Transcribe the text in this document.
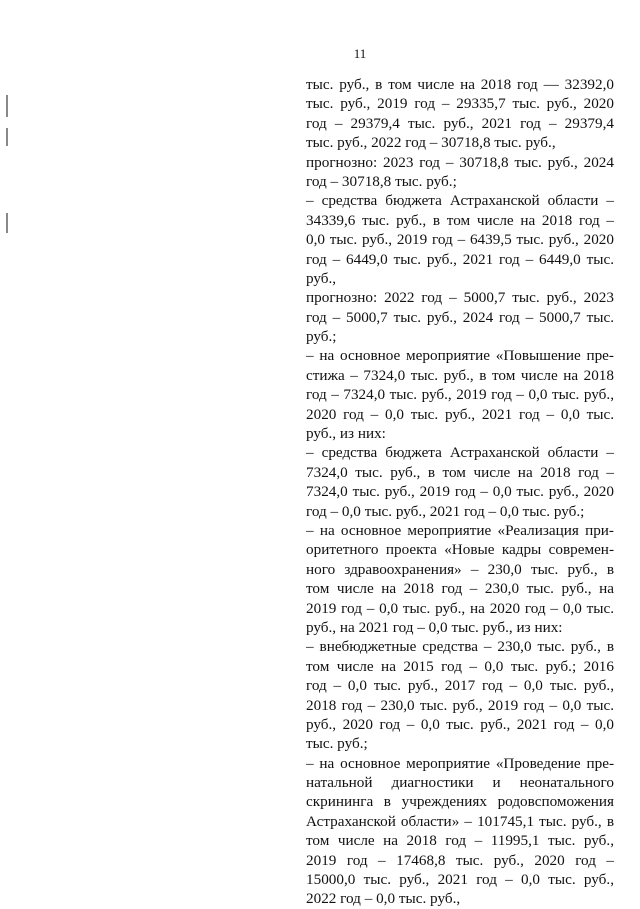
11
тыс. руб., в том числе на 2018 год — 32392,0
тыс. руб., 2019 год – 29335,7 тыс. руб., 2020
год – 29379,4 тыс. руб., 2021 год – 29379,4
тыс. руб., 2022 год – 30718,8 тыс. руб.,
прогнозно: 2023 год – 30718,8 тыс. руб., 2024
год – 30718,8 тыс. руб.;
– средства бюджета Астраханской области –
34339,6 тыс. руб., в том числе на 2018 год –
0,0 тыс. руб., 2019 год – 6439,5 тыс. руб., 2020
год – 6449,0 тыс. руб., 2021 год – 6449,0 тыс.
руб.,
прогнозно: 2022 год – 5000,7 тыс. руб., 2023
год – 5000,7 тыс. руб., 2024 год – 5000,7 тыс.
руб.;
– на основное мероприятие «Повышение пре-
стижа – 7324,0 тыс. руб., в том числе на 2018
год – 7324,0 тыс. руб., 2019 год – 0,0 тыс. руб.,
2020 год – 0,0 тыс. руб., 2021 год – 0,0 тыс.
руб., из них:
– средства бюджета Астраханской области –
7324,0 тыс. руб., в том числе на 2018 год –
7324,0 тыс. руб., 2019 год – 0,0 тыс. руб., 2020
год – 0,0 тыс. руб., 2021 год – 0,0 тыс. руб.;
– на основное мероприятие «Реализация при-
оритетного проекта «Новые кадры современ-
ного здравоохранения» – 230,0 тыс. руб., в
том числе на 2018 год – 230,0 тыс. руб., на
2019 год – 0,0 тыс. руб., на 2020 год – 0,0 тыс.
руб., на 2021 год – 0,0 тыс. руб., из них:
– внебюджетные средства – 230,0 тыс. руб., в
том числе на 2015 год – 0,0 тыс. руб.; 2016
год – 0,0 тыс. руб., 2017 год – 0,0 тыс. руб.,
2018 год – 230,0 тыс. руб., 2019 год – 0,0 тыс.
руб., 2020 год – 0,0 тыс. руб., 2021 год – 0,0
тыс. руб.;
– на основное мероприятие «Проведение пре-
натальной диагностики и неонатального
скрининга в учреждениях родовспоможения
Астраханской области» – 101745,1 тыс. руб., в
том числе на 2018 год – 11995,1 тыс. руб.,
2019 год – 17468,8 тыс. руб., 2020 год –
15000,0 тыс. руб., 2021 год – 0,0 тыс. руб.,
2022 год – 0,0 тыс. руб.,
